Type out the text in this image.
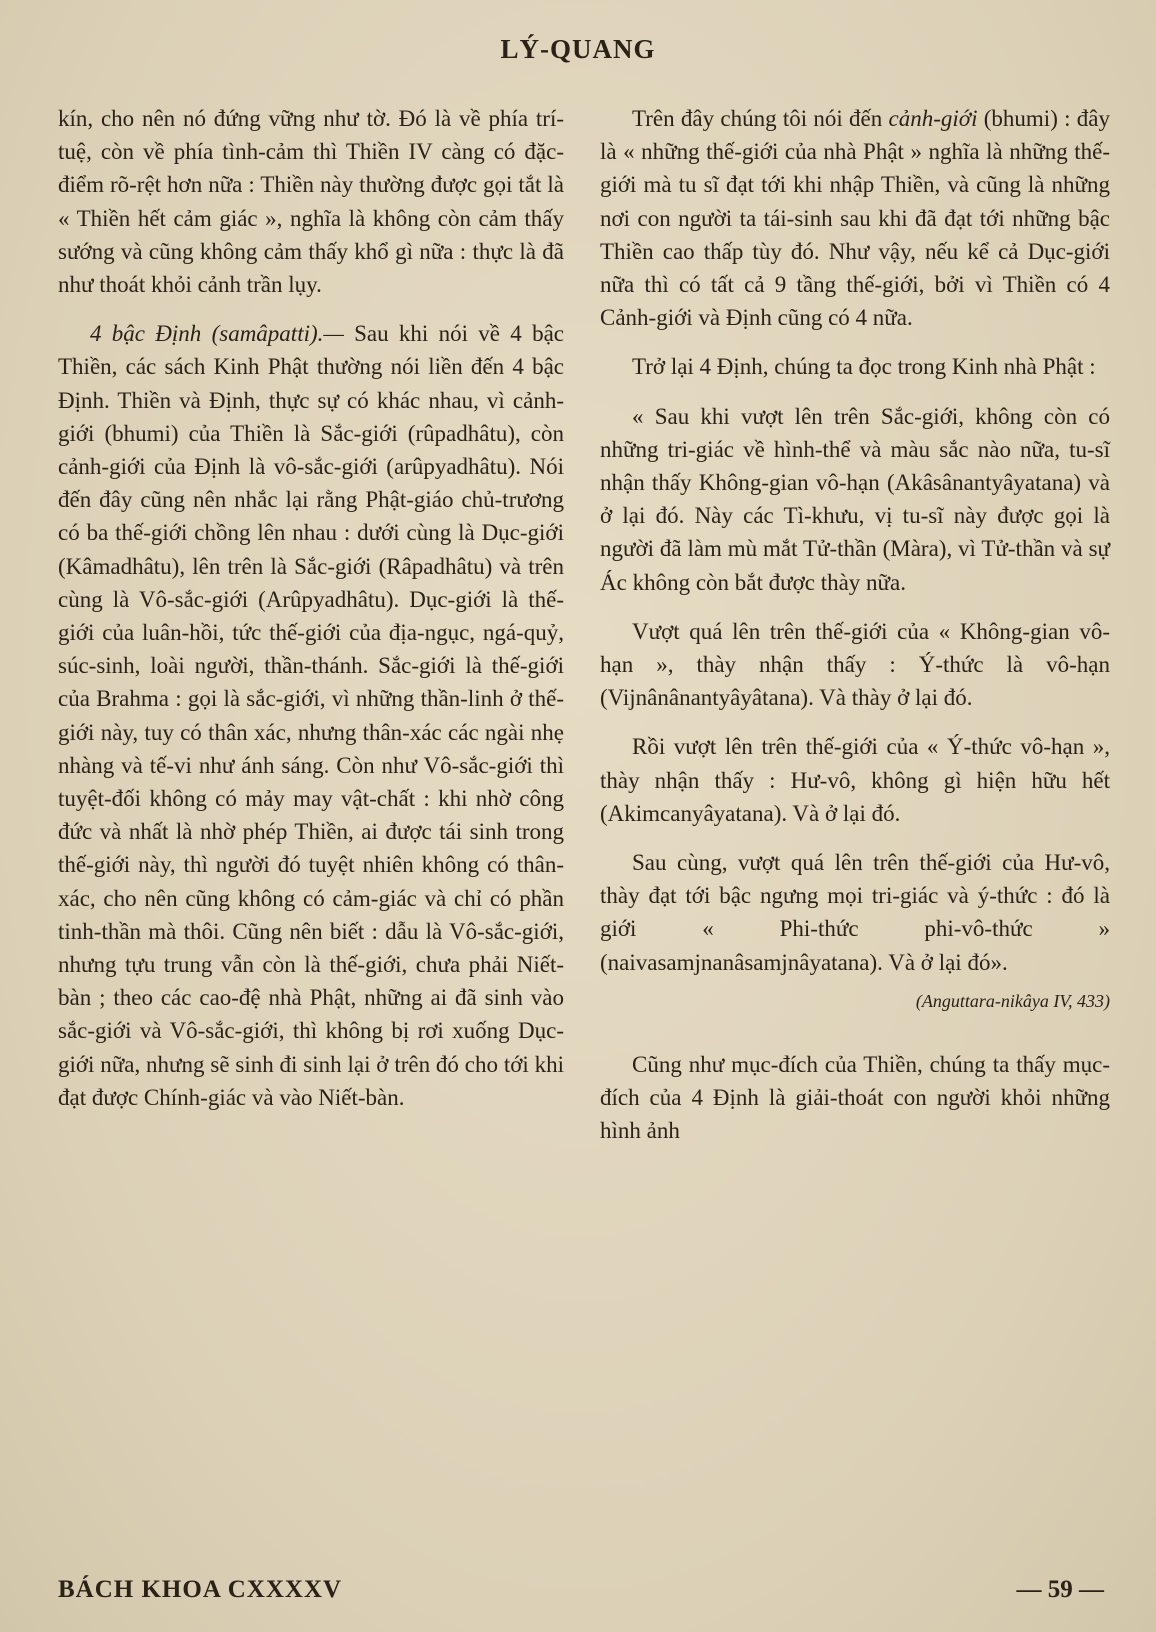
LÝ-QUANG

kín, cho nên nó đứng vững như tờ. Đó là về phía trí-tuệ, còn về phía tình-cảm thì Thiền IV càng có đặc-điểm rõ-rệt hơn nữa : Thiền này thường được gọi tắt là « Thiền hết cảm giác », nghĩa là không còn cảm thấy sướng và cũng không cảm thấy khổ gì nữa : thực là đã như thoát khỏi cảnh trần lụy.

4 bậc Định (samâpatti).— Sau khi nói về 4 bậc Thiền, các sách Kinh Phật thường nói liền đến 4 bậc Định. Thiền và Định, thực sự có khác nhau, vì cảnh-giới (bhumi) của Thiền là Sắc-giới (rûpadhâtu), còn cảnh-giới của Định là vô-sắc-giới (arûpyadhâtu). Nói đến đây cũng nên nhắc lại rằng Phật-giáo chủ-trương có ba thế-giới chồng lên nhau : dưới cùng là Dục-giới (Kâmadhâtu), lên trên là Sắc-giới (Râpadhâtu) và trên cùng là Vô-sắc-giới (Arûpyadhâtu). Dục-giới là thế-giới của luân-hồi, tức thế-giới của địa-ngục, ngá-quỷ, súc-sinh, loài người, thần-thánh. Sắc-giới là thế-giới của Brahma : gọi là sắc-giới, vì những thần-linh ở thế-giới này, tuy có thân xác, nhưng thân-xác các ngài nhẹ nhàng và tế-vi như ánh sáng. Còn như Vô-sắc-giới thì tuyệt-đối không có mảy may vật-chất : khi nhờ công đức và nhất là nhờ phép Thiền, ai được tái sinh trong thế-giới này, thì người đó tuyệt nhiên không có thân-xác, cho nên cũng không có cảm-giác và chỉ có phần tinh-thần mà thôi. Cũng nên biết : dẫu là Vô-sắc-giới, nhưng tựu trung vẫn còn là thế-giới, chưa phải Niết-bàn ; theo các cao-đệ nhà Phật, những ai đã sinh vào sắc-giới và Vô-sắc-giới, thì không bị rơi xuống Dục-giới nữa, nhưng sẽ sinh đi sinh lại ở trên đó cho tới khi đạt được Chính-giác và vào Niết-bàn.

Trên đây chúng tôi nói đến cảnh-giới (bhumi) : đây là « những thế-giới của nhà Phật » nghĩa là những thế-giới mà tu sĩ đạt tới khi nhập Thiền, và cũng là những nơi con người ta tái-sinh sau khi đã đạt tới những bậc Thiền cao thấp tùy đó. Như vậy, nếu kể cả Dục-giới nữa thì có tất cả 9 tầng thế-giới, bởi vì Thiền có 4 Cảnh-giới và Định cũng có 4 nữa.

Trở lại 4 Định, chúng ta đọc trong Kinh nhà Phật :

« Sau khi vượt lên trên Sắc-giới, không còn có những tri-giác về hình-thể và màu sắc nào nữa, tu-sĩ nhận thấy Không-gian vô-hạn (Akâsânantyâyatana) và ở lại đó. Này các Tì-khưu, vị tu-sĩ này được gọi là người đã làm mù mắt Tử-thần (Màra), vì Tử-thần và sự Ác không còn bắt được thày nữa.

Vượt quá lên trên thế-giới của « Không-gian vô-hạn », thày nhận thấy : Ý-thức là vô-hạn (Vijnânânantyâyâtana). Và thày ở lại đó.

Rồi vượt lên trên thế-giới của « Ý-thức vô-hạn », thày nhận thấy : Hư-vô, không gì hiện hữu hết (Akimcanyâyatana). Và ở lại đó.

Sau cùng, vượt quá lên trên thế-giới của Hư-vô, thày đạt tới bậc ngưng mọi tri-giác và ý-thức : đó là giới « Phi-thức phi-vô-thức » (naivasamjnanâsamjnâyatana). Và ở lại đó».

(Anguttara-nikâya IV, 433)

Cũng như mục-đích của Thiền, chúng ta thấy mục-đích của 4 Định là giải-thoát con người khỏi những hình ảnh

BÁCH KHOA CXXXXV	— 59 —
